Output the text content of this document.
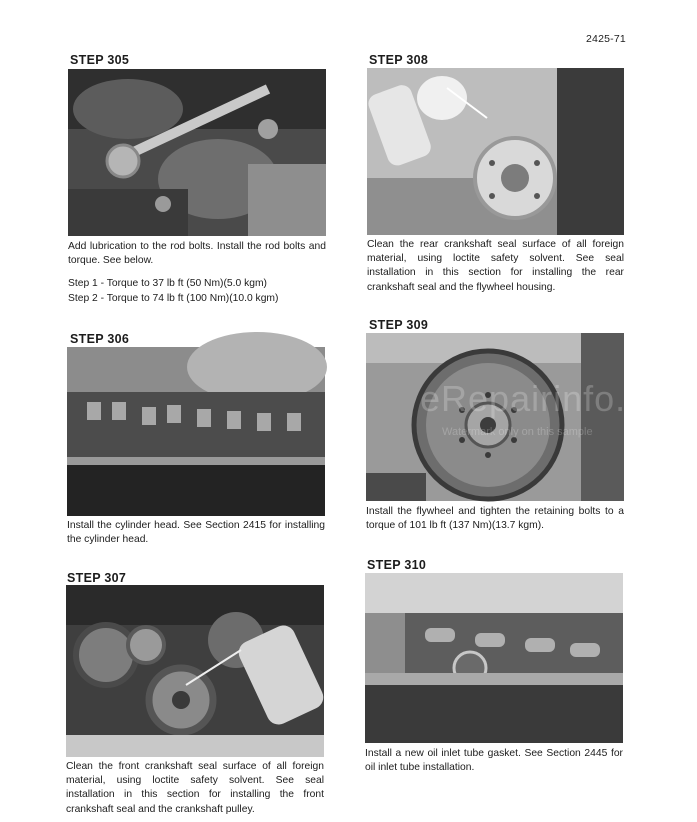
2425-71
STEP 305

Add lubrication to the rod bolts. Install the rod bolts and torque. See below.

Step 1 - Torque to 37 lb ft (50 Nm)(5.0 kgm)

Step 2 - Torque to 74 lb ft (100 Nm)(10.0 kgm)

STEP 306
Install the cylinder head. See Section 2415 for installing the cylinder head.
STEP 307
Clean the front crankshaft seal surface of all foreign material, using loctite safety solvent. See seal installation in this section for installing the front crankshaft seal and the crankshaft pulley.
STEP 308
Clean the rear crankshaft seal surface of all foreign material, using loctite safety solvent. See seal installation in this section for installing the rear crankshaft seal and the flywheel housing.
STEP 309
Install the flywheel and tighten the retaining bolts to a torque of 101 lb ft (137 Nm)(13.7 kgm).
STEP 310
Install a new oil inlet tube gasket. See Section 2445 for oil inlet tube installation.
eRepairinfo.com
Watermark only on this sample
